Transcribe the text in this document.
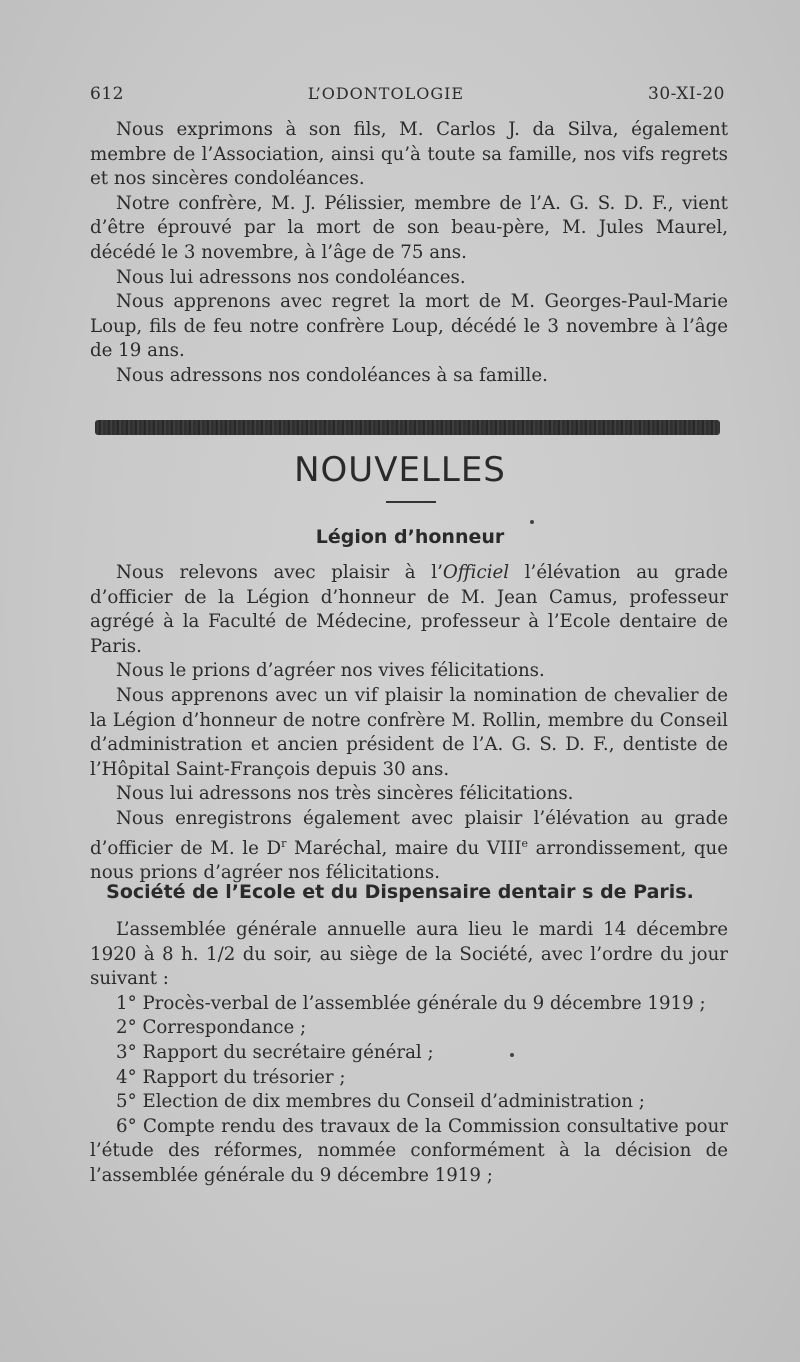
612	L’ODONTOLOGIE	30-XI-20

Nous exprimons à son fils, M. Carlos J. da Silva, également membre de l’Association, ainsi qu’à toute sa famille, nos vifs regrets et nos sincères condoléances.

Notre confrère, M. J. Pélissier, membre de l’A. G. S. D. F., vient d’être éprouvé par la mort de son beau-père, M. Jules Maurel, décédé le 3 novembre, à l’âge de 75 ans.

Nous lui adressons nos condoléances.

Nous apprenons avec regret la mort de M. Georges-Paul-Marie Loup, fils de feu notre confrère Loup, décédé le 3 novembre à l’âge de 19 ans.

Nous adressons nos condoléances à sa famille.

NOUVELLES
Légion d’honneur

Nous relevons avec plaisir à l’Officiel l’élévation au grade d’officier de la Légion d’honneur de M. Jean Camus, professeur agrégé à la Faculté de Médecine, professeur à l’Ecole dentaire de Paris.

Nous le prions d’agréer nos vives félicitations.

Nous apprenons avec un vif plaisir la nomination de chevalier de la Légion d’honneur de notre confrère M. Rollin, membre du Conseil d’administration et ancien président de l’A. G. S. D. F., dentiste de l’Hôpital Saint-François depuis 30 ans.

Nous lui adressons nos très sincères félicitations.

Nous enregistrons également avec plaisir l’élévation au grade d’officier de M. le $D^r$ Maréchal, maire du VIIIe arrondissement, que nous prions d’agréer nos félicitations.

Société de l’Ecole et du Dispensaire dentair s de Paris.

L’assemblée générale annuelle aura lieu le mardi 14 décembre 1920 à 8 h. 1/2 du soir, au siège de la Société, avec l’ordre du jour suivant :

1° Procès-verbal de l’assemblée générale du 9 décembre 1919 ;

2° Correspondance ;

3° Rapport du secrétaire général ;

4° Rapport du trésorier ;

5° Election de dix membres du Conseil d’administration ;

6° Compte rendu des travaux de la Commission consultative pour l’étude des réformes, nommée conformément à la décision de l’assemblée générale du 9 décembre 1919 ;
